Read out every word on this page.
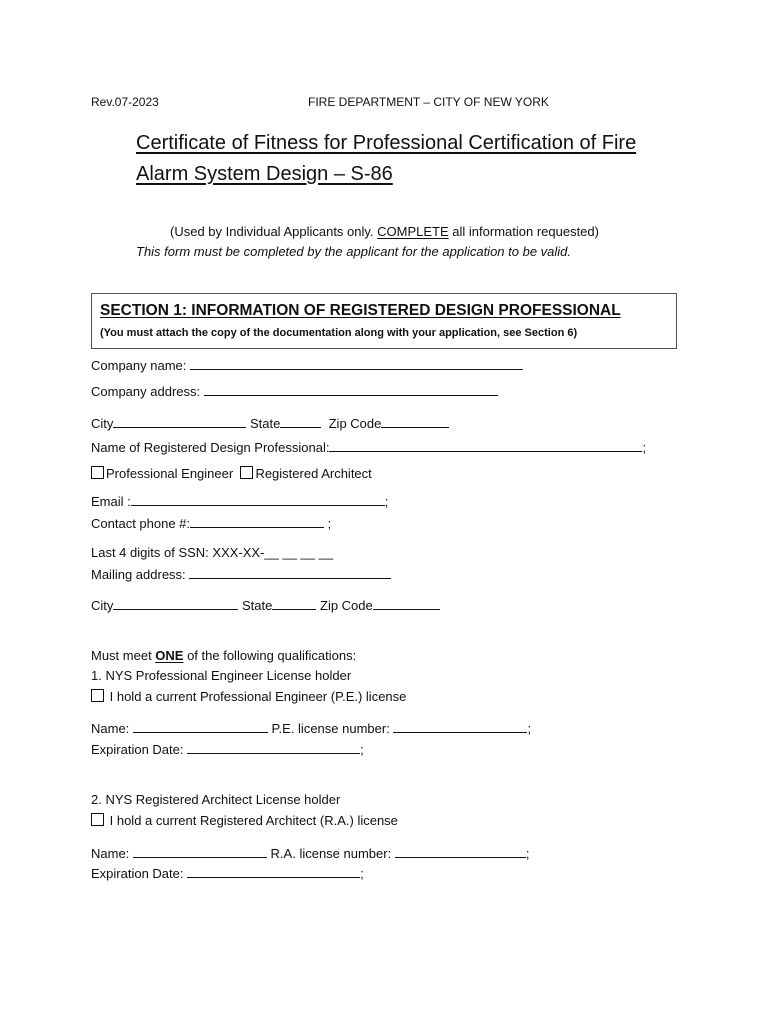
Rev.07-2023	FIRE DEPARTMENT – CITY OF NEW YORK
Certificate of Fitness for Professional Certification of Fire
Alarm System Design – S-86
(Used by Individual Applicants only. COMPLETE all information requested)
This form must be completed by the applicant for the application to be valid.
SECTION 1: INFORMATION OF REGISTERED DESIGN PROFESSIONAL
(You must attach the copy of the documentation along with your application, see Section 6)
Company name:
Company address:
City	State	Zip Code
Name of Registered Design Professional:	;
Professional Engineer Registered Architect
Email :	;
Contact phone #:	;
Last 4 digits of SSN: XXX-XX-__ __ __ __
Mailing address:
City	State	Zip Code
Must meet ONE of the following qualifications:
1. NYS Professional Engineer License holder
I hold a current Professional Engineer (P.E.) license
Name:	P.E. license number:	;
Expiration Date:	;
2. NYS Registered Architect License holder
I hold a current Registered Architect (R.A.) license
Name:	R.A. license number:	;
Expiration Date:	;
